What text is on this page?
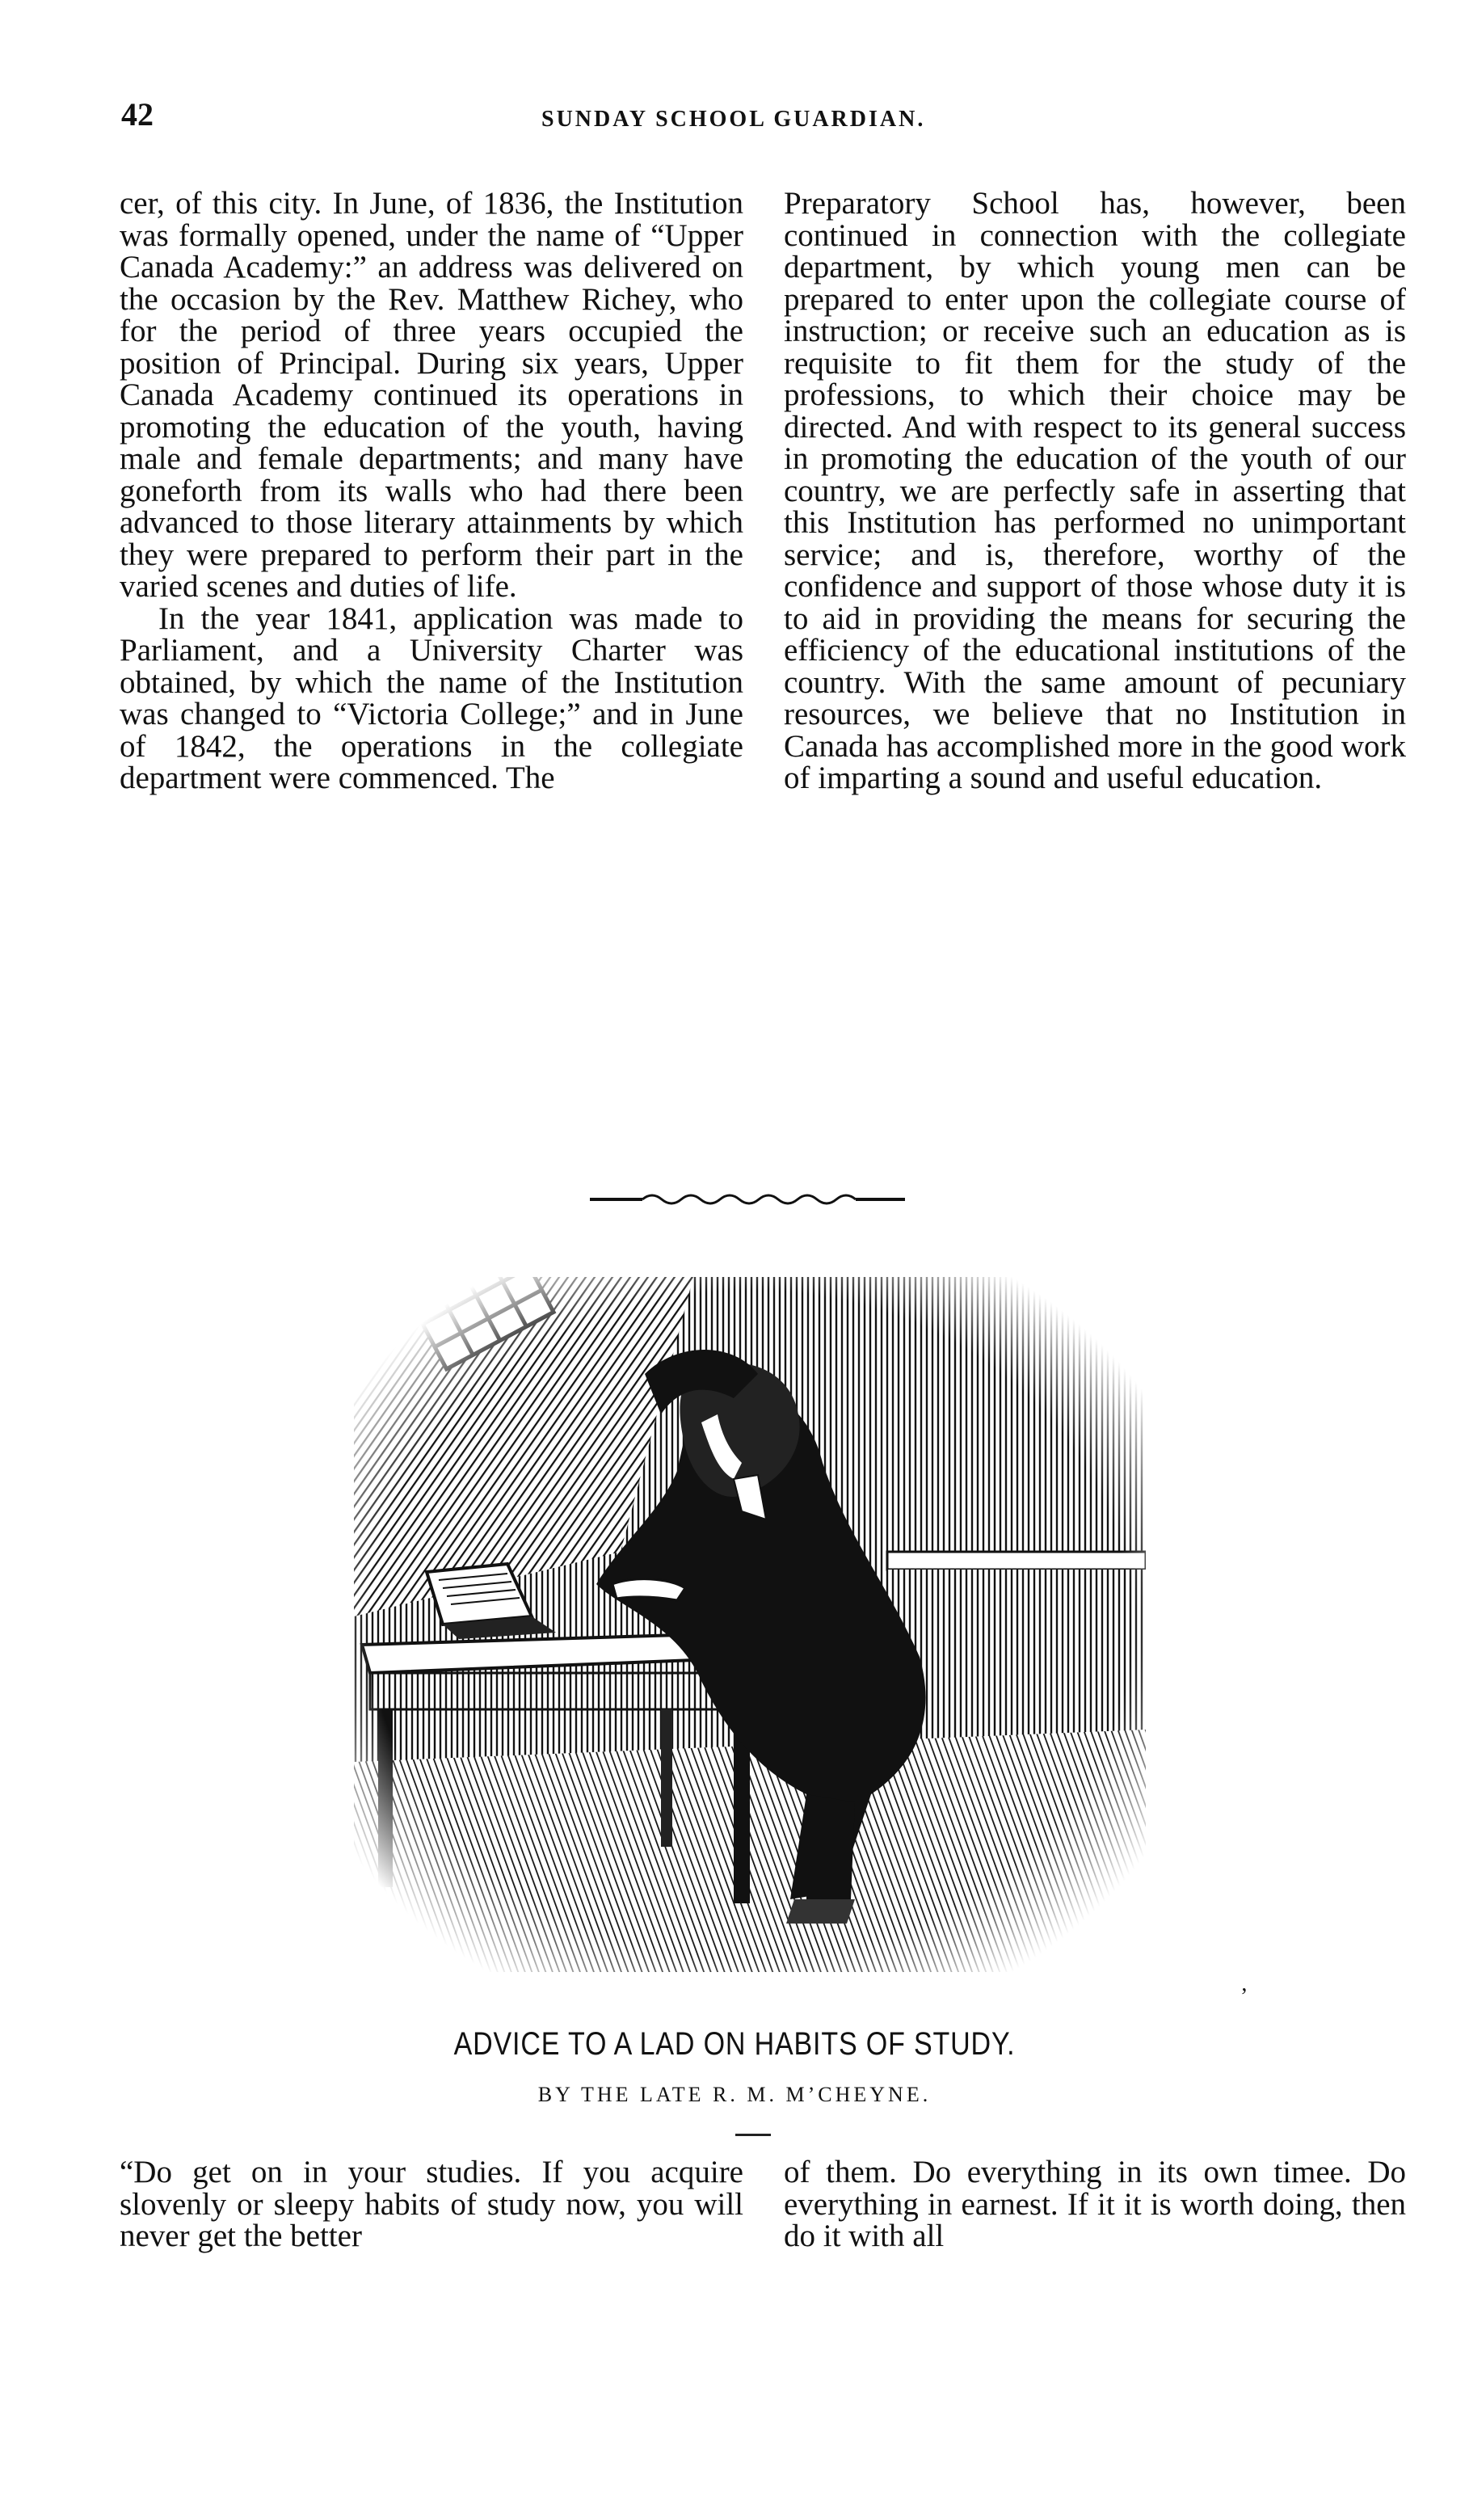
42	SUNDAY SCHOOL GUARDIAN.

cer, of this city. In June, of 1836, the Institution was formally opened, under the name of “Upper Canada Academy:” an address was delivered on the occasion by the Rev. Matthew Richey, who for the period of three years occupied the position of Principal. During six years, Upper Canada Academy continued its operations in promoting the education of the youth, having male and female departments; and many have goneforth from its walls who had there been advanced to those literary attainments by which they were prepared to perform their part in the varied scenes and duties of life.

In the year 1841, application was made to Parliament, and a University Charter was obtained, by which the name of the Institution was changed to “Victoria College;” and in June of 1842, the operations in the collegiate department were commenced. The

Preparatory School has, however, been continued in connection with the collegiate department, by which young men can be prepared to enter upon the collegiate course of instruction; or receive such an education as is requisite to fit them for the study of the professions, to which their choice may be directed. And with respect to its general success in promoting the education of the youth of our country, we are perfectly safe in asserting that this Institution has performed no unimportant service; and is, therefore, worthy of the confidence and support of those whose duty it is to aid in providing the means for securing the efficiency of the educational institutions of the country. With the same amount of pecuniary resources, we believe that no Institution in Canada has accomplished more in the good work of imparting a sound and useful education.

ʼ
ADVICE TO A LAD ON HABITS OF STUDY.
BY THE LATE R. M. M’CHEYNE.

“Do get on in your studies. If you acquire slovenly or sleepy habits of study now, you will never get the better

of them. Do everything in its own timee. Do everything in earnest. If it it is worth doing, then do it with all
